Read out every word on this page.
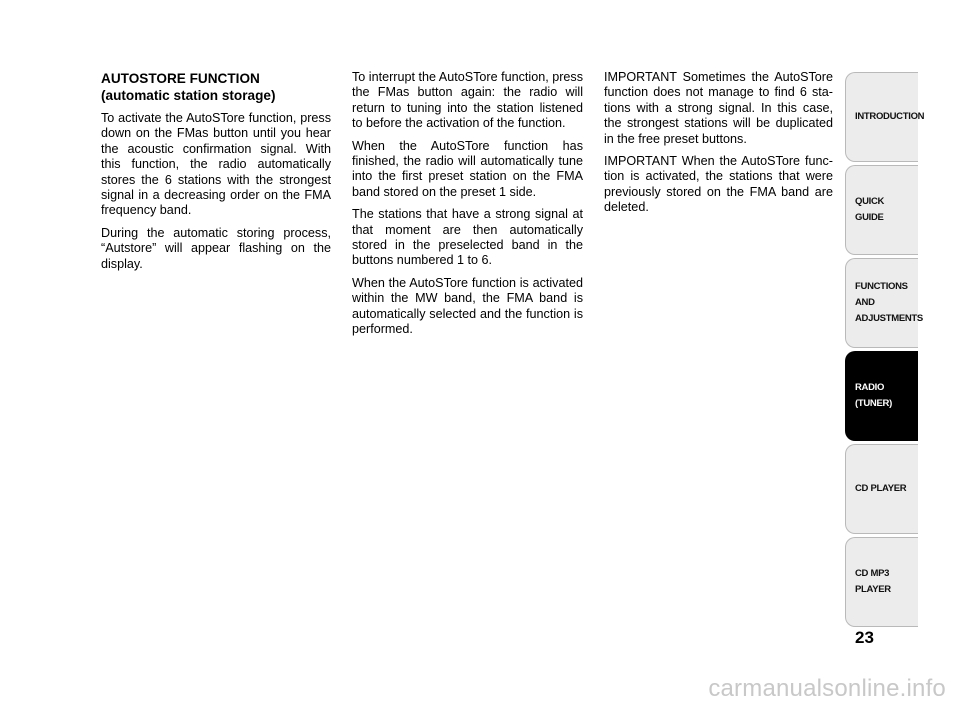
AUTOSTORE FUNCTION
(automatic station storage)

To activate the AutoSTore function, press down on the FMas button until you hear the acoustic confirmation signal. With this function, the radio automatically stores the 6 stations with the strongest signal in a decreasing order on the FMA frequency band.

During the automatic storing process, “Autstore” will appear flashing on the display.

To interrupt the AutoSTore function, press the FMas button again: the radio will return to tuning into the station listened to before the activation of the function.

When the AutoSTore function has finished, the radio will automatically tune into the first preset station on the FMA band stored on the preset 1 side.

The stations that have a strong signal at that moment are then automatically stored in the preselected band in the buttons numbered 1 to 6.

When the AutoSTore function is activated within the MW band, the FMA band is automatically selected and the function is performed.

IMPORTANT Sometimes the AutoSTore function does not manage to find 6 stations with a strong signal. In this case, the strongest stations will be duplicated in the free preset buttons.

IMPORTANT When the AutoSTore function is activated, the stations that were previously stored on the FMA band are deleted.

INTRODUCTION
QUICK
GUIDE
FUNCTIONS
AND
ADJUSTMENTS
RADIO
(TUNER)
CD PLAYER
CD MP3
PLAYER
23
carmanualsonline.info
